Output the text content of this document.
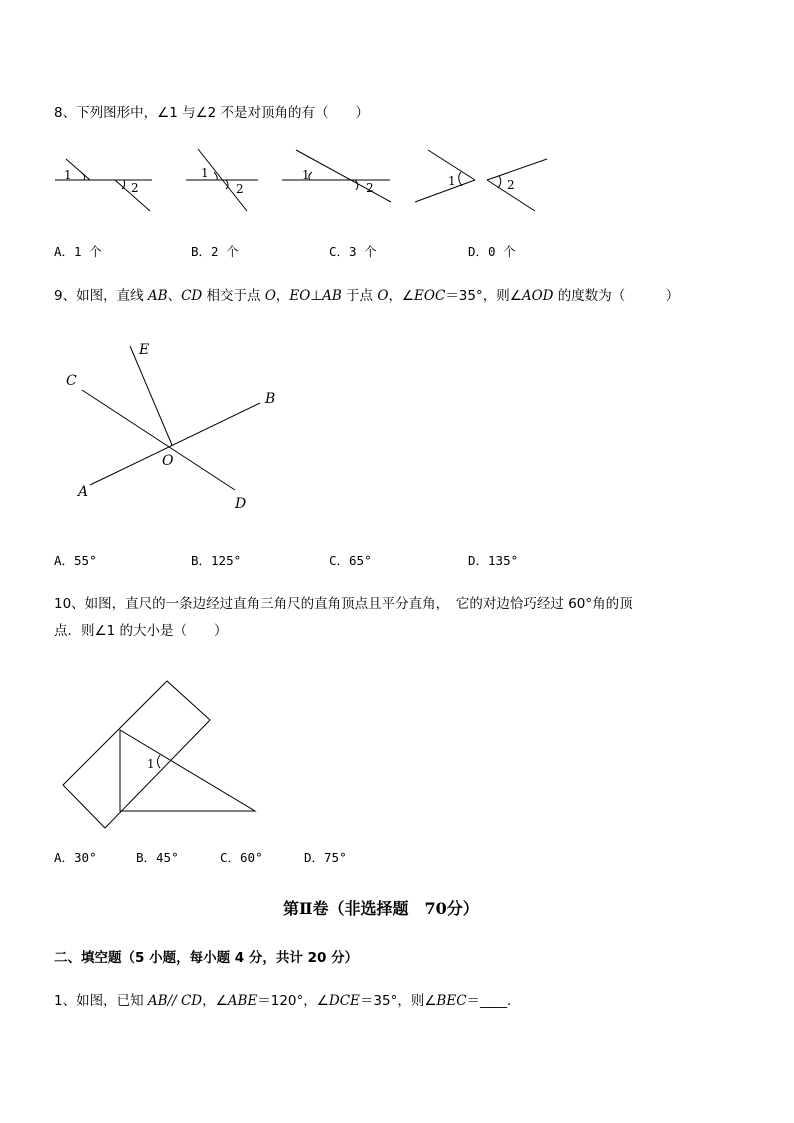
8、下列图形中，∠1 与∠2 不是对顶角的有（　　）
1
2
1
2
1
2	1	2
A．1 个	B．2 个	C．3 个	D．0 个
9、如图，直线 AB、CD 相交于点 O，EO⊥AB 于点 O，∠EOC＝35°，则∠AOD 的度数为（　　　）
E
C
B
O
A
D
A．55°	B．125°	C．65°	D．135°
10、如图，直尺的一条边经过直角三角尺的直角顶点且平分直角，　它的对边恰巧经过 60°角的顶
点．则∠1 的大小是（　　）
1
A．30°	B．45°	C．60°	D．75°
第Ⅱ卷（非选择题　70分）
二、填空题（5 小题，每小题 4 分，共计 20 分）
1、如图，已知 AB// CD，∠ABE＝120°，∠DCE＝35°，则∠BEC＝____．
